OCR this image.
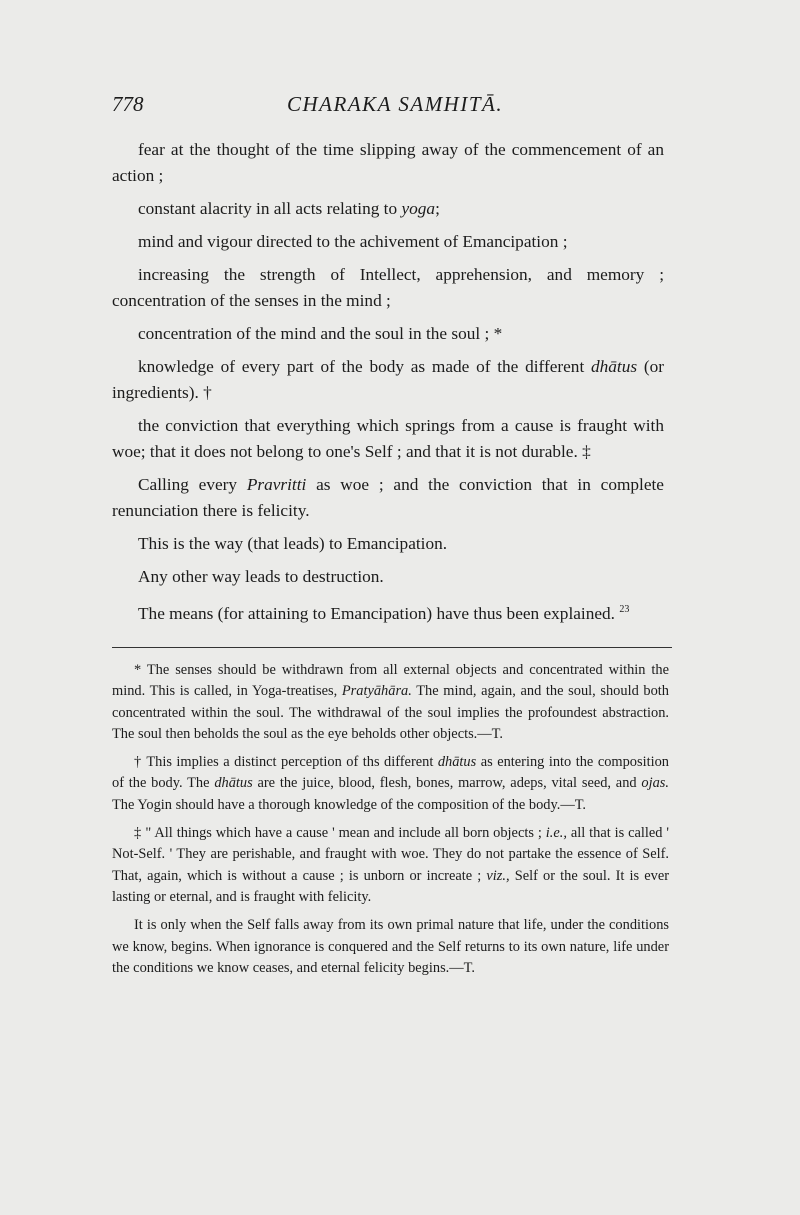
778	CHARAKA SAMHITĀ.

fear at the thought of the time slipping away of the commencement of an action ;

constant alacrity in all acts relating to yoga;

mind and vigour directed to the achivement of Emancipation ;

increasing the strength of Intellect, apprehension, and memory ; concentration of the senses in the mind ;

concentration of the mind and the soul in the soul ; *

knowledge of every part of the body as made of the different dhātus (or ingredients). †

the conviction that everything which springs from a cause is fraught with woe; that it does not belong to one's Self ; and that it is not durable. ‡

Calling every Pravritti as woe ; and the conviction that in complete renunciation there is felicity.

This is the way (that leads) to Emancipation.

Any other way leads to destruction.

The means (for attaining to Emancipation) have thus been explained. $^{23}$

* The senses should be withdrawn from all external objects and concentrated within the mind. This is called, in Yoga-treatises, Pratyāhāra. The mind, again, and the soul, should both concentrated within the soul. The withdrawal of the soul implies the profoundest abstraction. The soul then beholds the soul as the eye beholds other objects.—T.

† This implies a distinct perception of ths different dhātus as entering into the composition of the body. The dhātus are the juice, blood, flesh, bones, marrow, adeps, vital seed, and ojas. The Yogin should have a thorough knowledge of the composition of the body.—T.

‡ " All things which have a cause ' mean and include all born objects ; i.e., all that is called ' Not-Self. ' They are perishable, and fraught with woe. They do not partake the essence of Self. That, again, which is without a cause ; is unborn or increate ; viz., Self or the soul. It is ever lasting or eternal, and is fraught with felicity.

It is only when the Self falls away from its own primal nature that life, under the conditions we know, begins. When ignorance is conquered and the Self returns to its own nature, life under the conditions we know ceases, and eternal felicity begins.—T.
